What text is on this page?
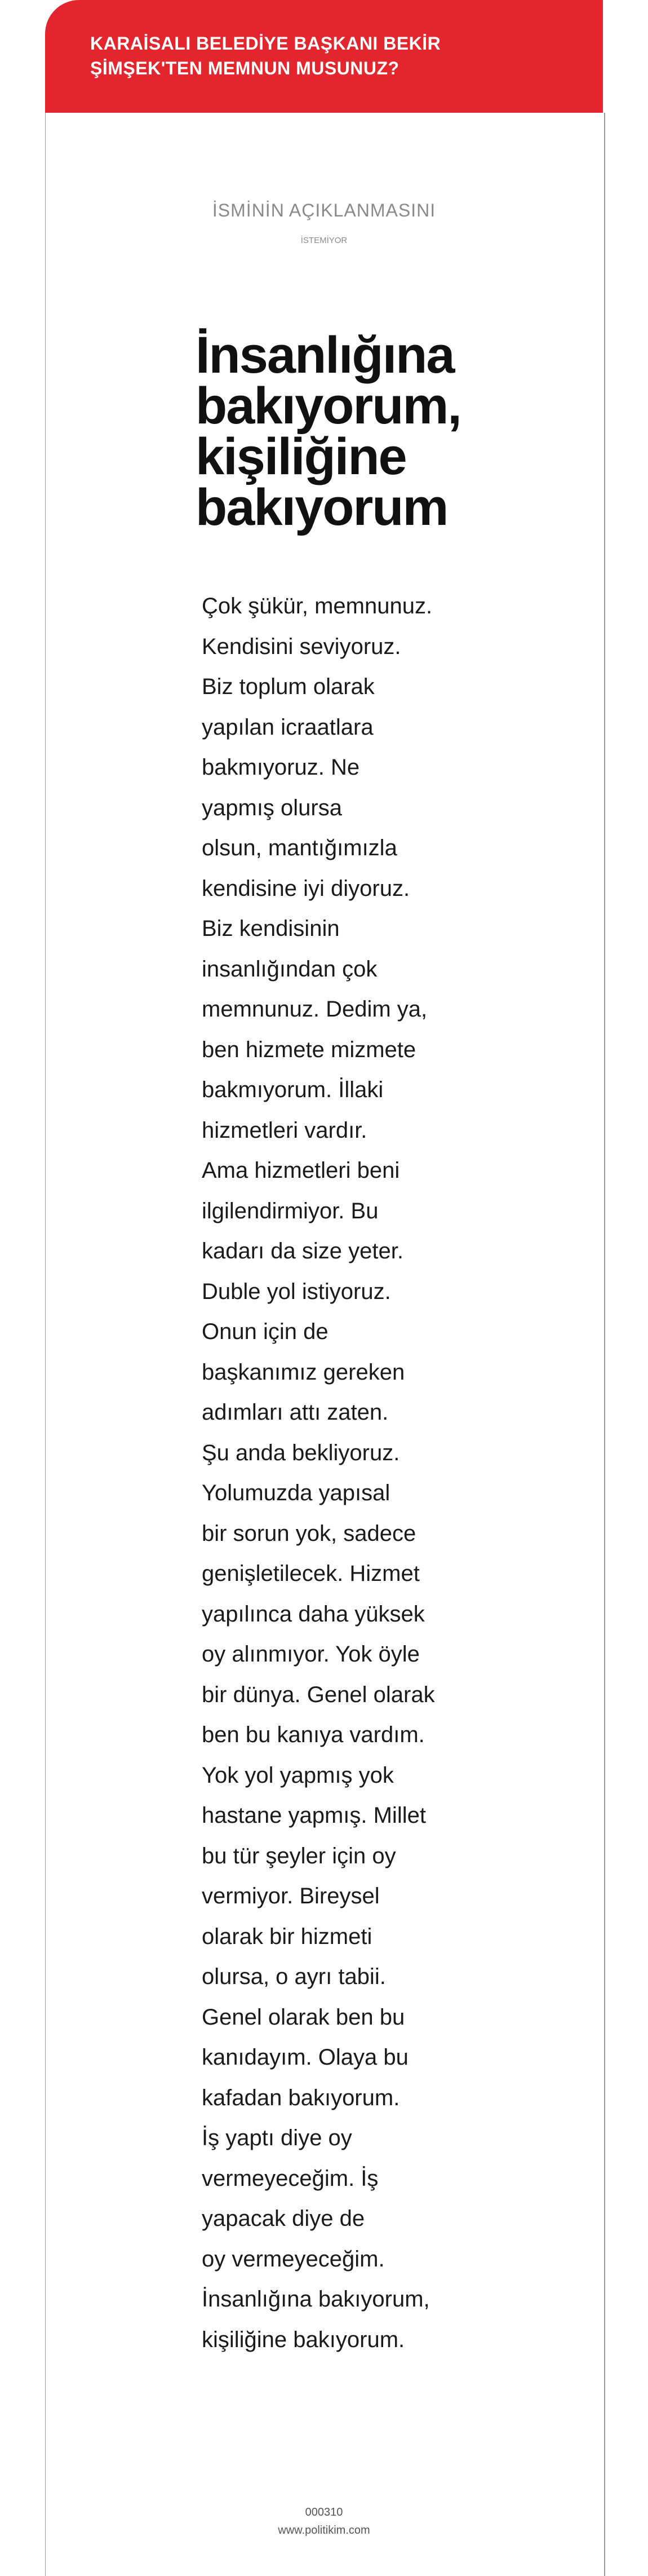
KARAİSALI BELEDİYE BAŞKANI BEKİR
ŞİMŞEK'TEN MEMNUN MUSUNUZ?
İSMİNİN AÇIKLANMASINI
İSTEMİYOR
İnsanlığına
bakıyorum,
kişiliğine
bakıyorum
Çok şükür, memnunuz.
Kendisini seviyoruz.
Biz toplum olarak
yapılan icraatlara
bakmıyoruz. Ne
yapmış olursa
olsun, mantığımızla
kendisine iyi diyoruz.
Biz kendisinin
insanlığından çok
memnunuz. Dedim ya,
ben hizmete mizmete
bakmıyorum. İllaki
hizmetleri vardır.
Ama hizmetleri beni
ilgilendirmiyor. Bu
kadarı da size yeter.
Duble yol istiyoruz.
Onun için de
başkanımız gereken
adımları attı zaten.
Şu anda bekliyoruz.
Yolumuzda yapısal
bir sorun yok, sadece
genişletilecek. Hizmet
yapılınca daha yüksek
oy alınmıyor. Yok öyle
bir dünya. Genel olarak
ben bu kanıya vardım.
Yok yol yapmış yok
hastane yapmış. Millet
bu tür şeyler için oy
vermiyor. Bireysel
olarak bir hizmeti
olursa, o ayrı tabii.
Genel olarak ben bu
kanıdayım. Olaya bu
kafadan bakıyorum.
İş yaptı diye oy
vermeyeceğim. İş
yapacak diye de
oy vermeyeceğim.
İnsanlığına bakıyorum,
kişiliğine bakıyorum.
000310
www.politikim.com
